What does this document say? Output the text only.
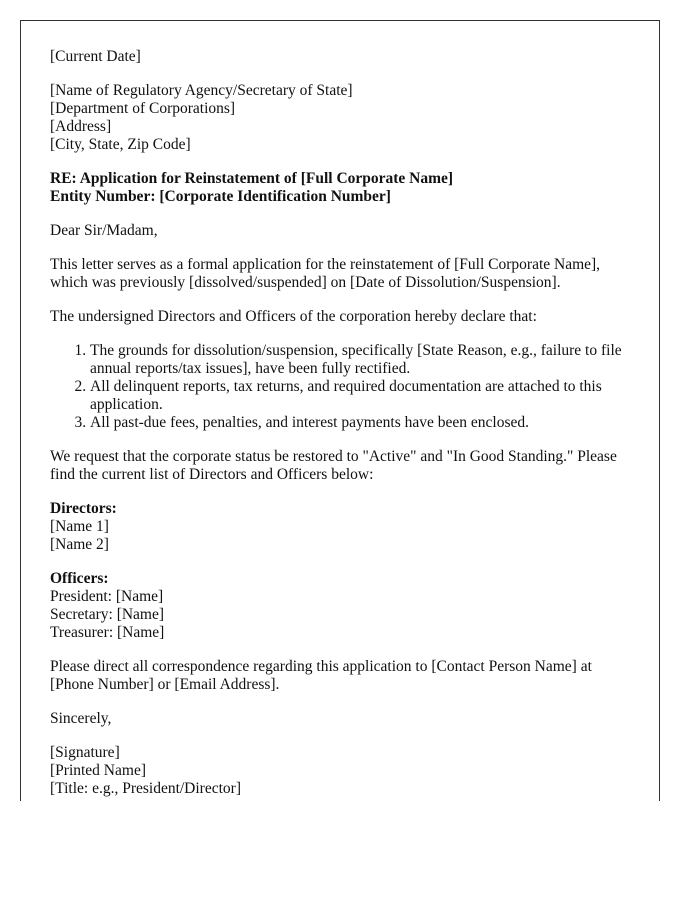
[Current Date]
[Name of Regulatory Agency/Secretary of State]
[Department of Corporations]
[Address]
[City, State, Zip Code]
RE: Application for Reinstatement of [Full Corporate Name]
Entity Number: [Corporate Identification Number]
Dear Sir/Madam,
This letter serves as a formal application for the reinstatement of [Full Corporate Name], which was previously [dissolved/suspended] on [Date of Dissolution/Suspension].
The undersigned Directors and Officers of the corporation hereby declare that:
1. The grounds for dissolution/suspension, specifically [State Reason, e.g., failure to file annual reports/tax issues], have been fully rectified.
2. All delinquent reports, tax returns, and required documentation are attached to this application.
3. All past-due fees, penalties, and interest payments have been enclosed.
We request that the corporate status be restored to "Active" and "In Good Standing." Please find the current list of Directors and Officers below:
Directors:
[Name 1]
[Name 2]
Officers:
President: [Name]
Secretary: [Name]
Treasurer: [Name]
Please direct all correspondence regarding this application to [Contact Person Name] at [Phone Number] or [Email Address].
Sincerely,
[Signature]
[Printed Name]
[Title: e.g., President/Director]
